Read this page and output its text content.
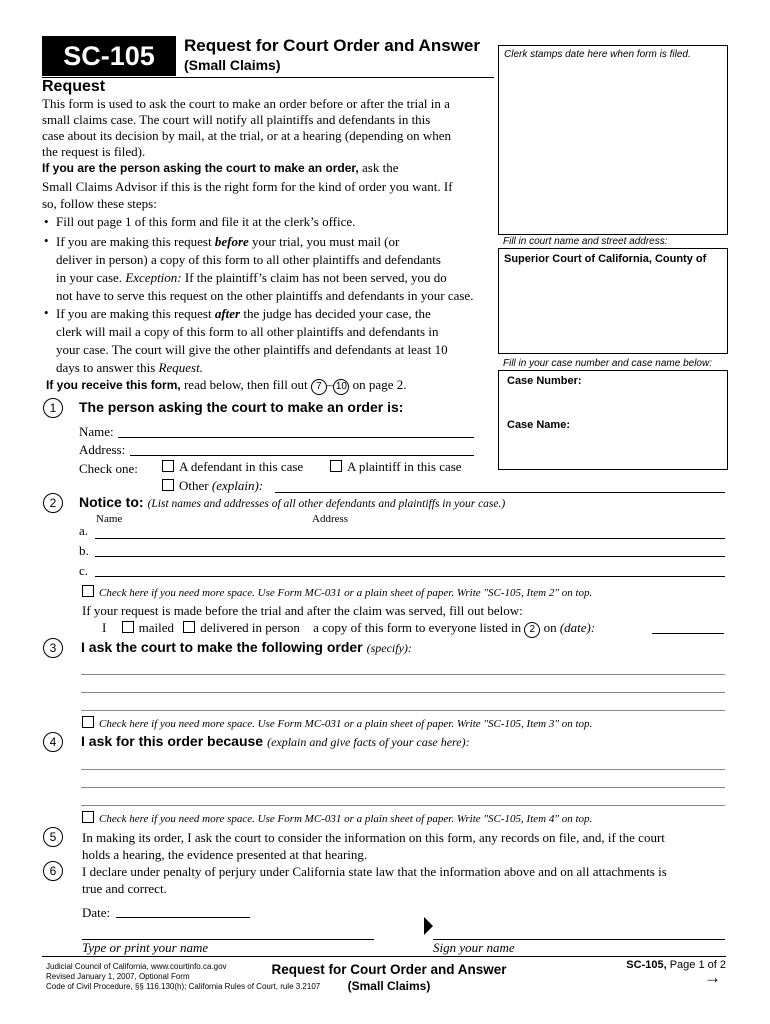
SC-105	Request for Court Order and Answer
(Small Claims)
Clerk stamps date here when form is filed.
Fill in court name and street address:
Superior Court of California, County of
Fill in your case number and case name below:
Case Number:
Case Name:
Request
This form is used to ask the court to make an order before or after the trial in a
small claims case. The court will notify all plaintiffs and defendants in this
case about its decision by mail, at the trial, or at a hearing (depending on when
the request is filed).
If you are the person asking the court to make an order, ask the
Small Claims Advisor if this is the right form for the kind of order you want. If
so, follow these steps:
• Fill out page 1 of this form and file it at the clerk’s office.
• If you are making this request before your trial, you must mail (or
deliver in person) a copy of this form to all other plaintiffs and defendants
in your case. Exception: If the plaintiff’s claim has not been served, you do
not have to serve this request on the other plaintiffs and defendants in your case.
• If you are making this request after the judge has decided your case, the
clerk will mail a copy of this form to all other plaintiffs and defendants in
your case. The court will give the other plaintiffs and defendants at least 10
days to answer this Request.
If you receive this form, read below, then fill out 7 – 10 on page 2.
1	The person asking the court to make an order is:
Name:
Address:
Check one:	A defendant in this case	A plaintiff in this case
Other (explain):
2	Notice to: (List names and addresses of all other defendants and plaintiffs in your case.)
Name	Address
a.
b.
c.
Check here if you need more space. Use Form MC-031 or a plain sheet of paper. Write "SC-105, Item 2" on top.
If your request is made before the trial and after the claim was served, fill out below:
I mailed delivered in person a copy of this form to everyone listed in 2 on (date):
3	I ask the court to make the following order (specify):
Check here if you need more space. Use Form MC-031 or a plain sheet of paper. Write "SC-105, Item 3" on top.
4	I ask for this order because (explain and give facts of your case here):
Check here if you need more space. Use Form MC-031 or a plain sheet of paper. Write "SC-105, Item 4" on top.
5	In making its order, I ask the court to consider the information on this form, any records on file, and, if the court
holds a hearing, the evidence presented at that hearing.
6	I declare under penalty of perjury under California state law that the information above and on all attachments is
true and correct.
Date:
Type or print your name	Sign your name
Judicial Council of California, www.courtinfo.ca.gov
Revised January 1, 2007, Optional Form
Code of Civil Procedure, §§ 116.130(h); California Rules of Court, rule 3.2107
Request for Court Order and Answer
(Small Claims)
SC-105, Page 1 of 2
→
